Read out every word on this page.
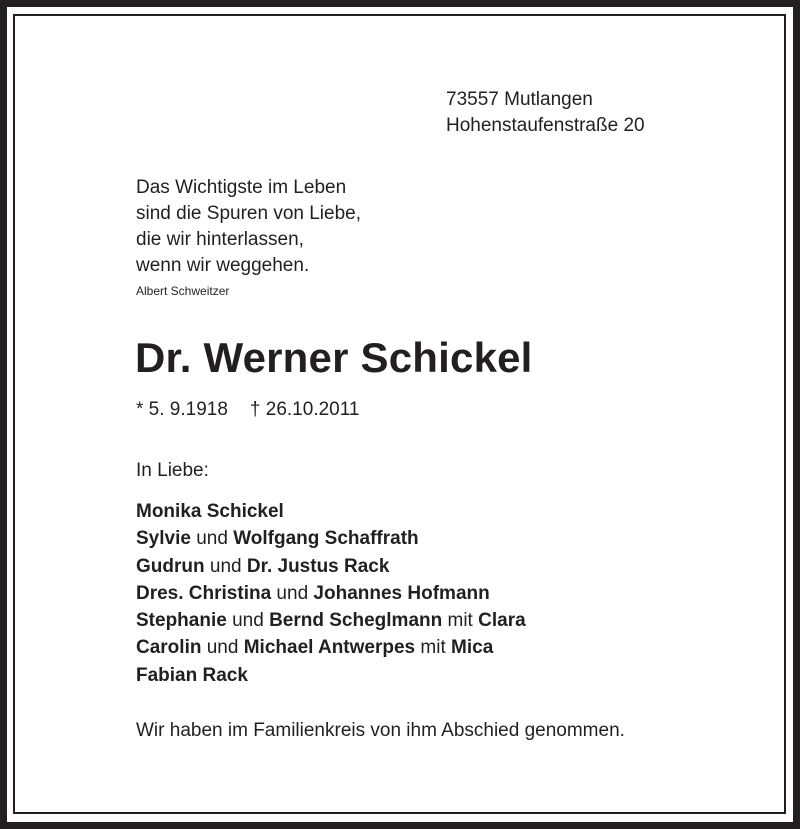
73557 Mutlangen
Hohenstaufenstraße 20
Das Wichtigste im Leben
sind die Spuren von Liebe,
die wir hinterlassen,
wenn wir weggehen.
Albert Schweitzer
Dr. Werner Schickel
* 5. 9.1918 † 26.10.2011
In Liebe:
Monika Schickel
Sylvie und Wolfgang Schaffrath
Gudrun und Dr. Justus Rack
Dres. Christina und Johannes Hofmann
Stephanie und Bernd Scheglmann mit Clara
Carolin und Michael Antwerpes mit Mica
Fabian Rack
Wir haben im Familienkreis von ihm Abschied genommen.
